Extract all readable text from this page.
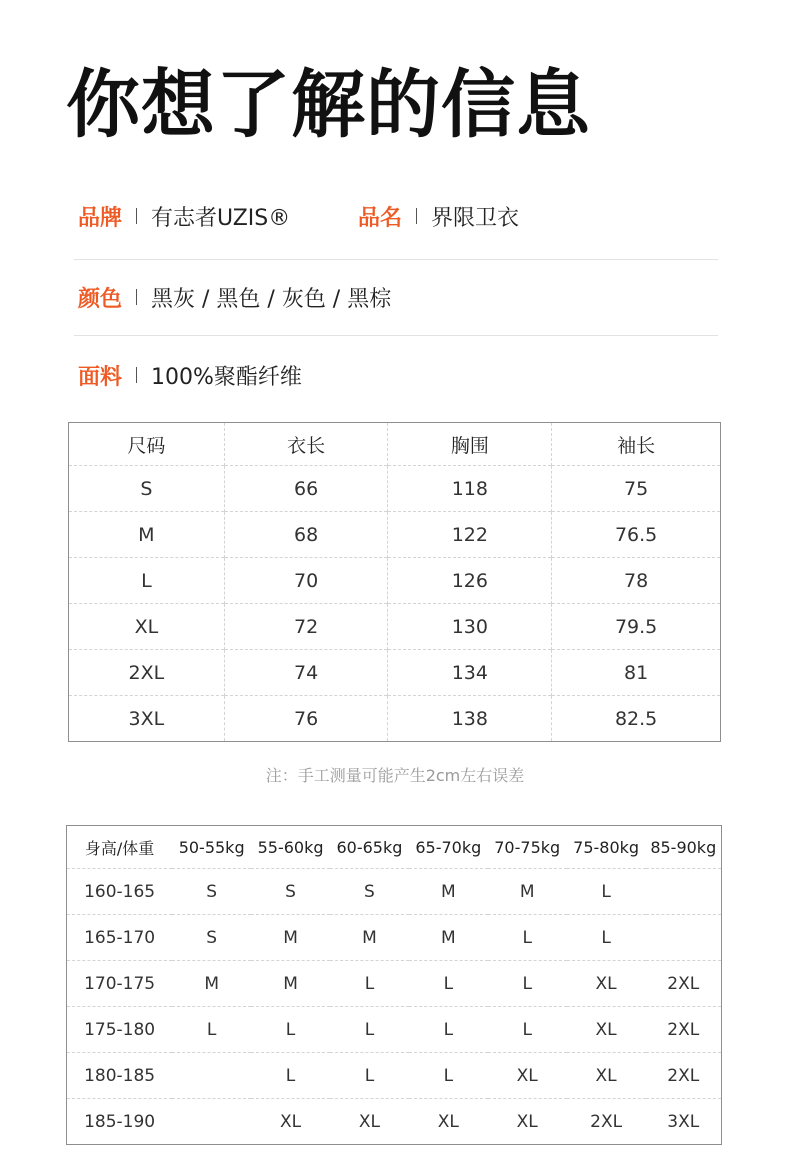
你想了解的信息
品牌 有志者UZIS®	品名 界限卫衣
颜色 黑灰 / 黑色 / 灰色 / 黑棕
面料 100%聚酯纤维
尺码	衣长	胸围	袖长
S	66	118	75
M	68	122	76.5
L	70	126	78
XL	72	130	79.5
2XL	74	134	81
3XL	76	138	82.5
注：手工测量可能产生2cm左右误差
身高/体重	50-55kg	55-60kg	60-65kg	65-70kg	70-75kg	75-80kg	85-90kg
160-165	S	S	S	M	M	L	
165-170	S	M	M	M	L	L	
170-175	M	M	L	L	L	XL	2XL
175-180	L	L	L	L	L	XL	2XL
180-185		L	L	L	XL	XL	2XL
185-190		XL	XL	XL	XL	2XL	3XL
